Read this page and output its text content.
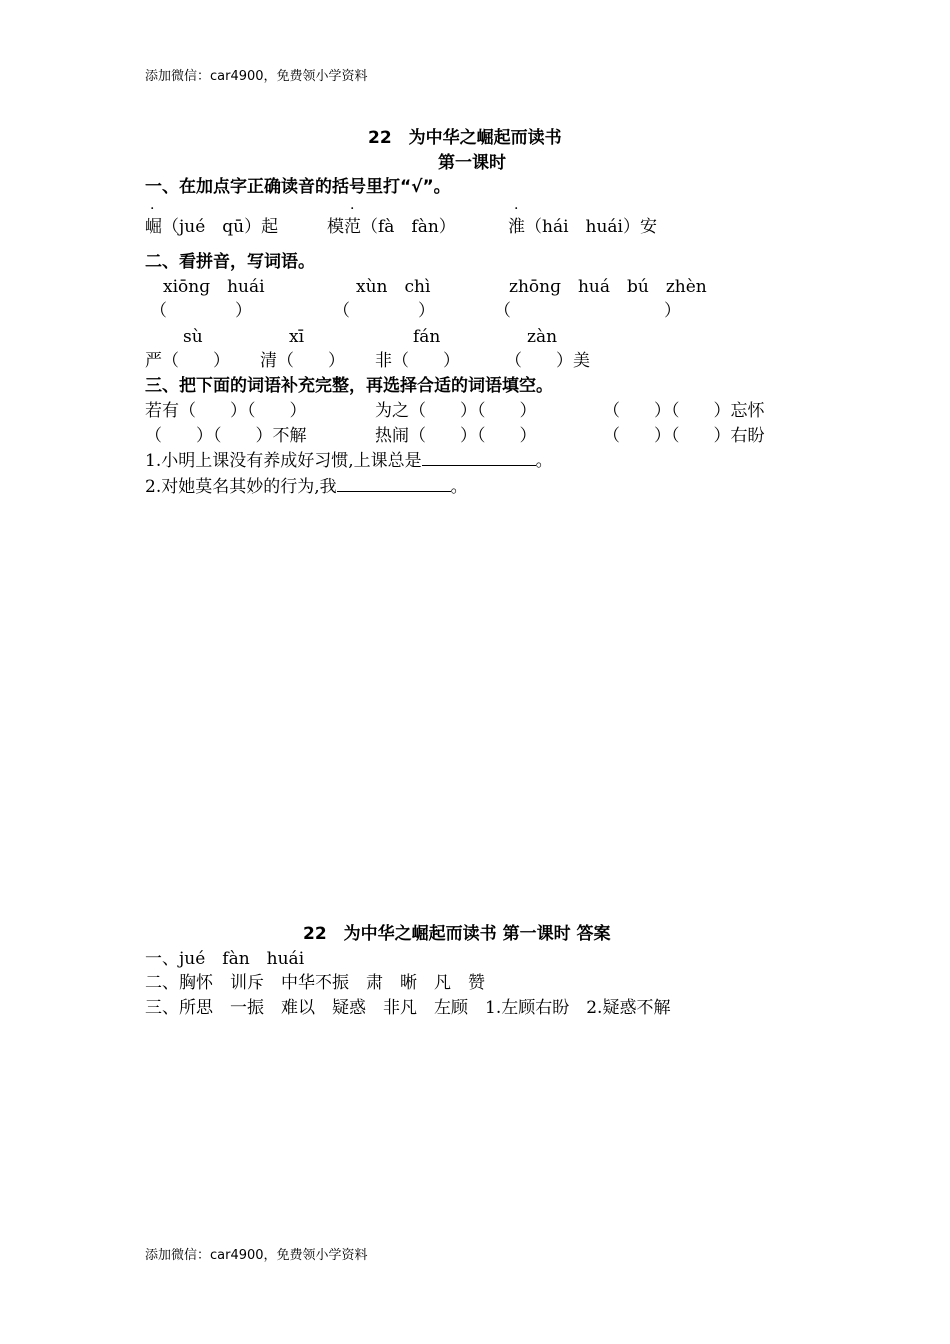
添加微信：car4900，免费领小学资料
22　为中华之崛起而读书
第一课时
一、在加点字正确读音的括号里打“√”。
·	·	·
崛（jué　qū）起	模范（fà　fàn）	淮（hái　huái）安
二、看拼音，写词语。
xiōnɡ　huái	xùn　chì	zhōnɡ　huá　bú　zhèn
（　　　　）	（　　　　）	（　　　　　　　　　）
sù	xī	fán	zàn
严（　　） 清（　　） 非（　　）	（　　）美
三、把下面的词语补充完整，再选择合适的词语填空。
若有（　　）（　　）	为之（　　）（　　）	（　　）（　　）忘怀
（　　）（　　）不解	热闹（　　）（　　）	（　　）（　　）右盼
1.小明上课没有养成好习惯,上课总是	。
2.对她莫名其妙的行为,我	。
22　为中华之崛起而读书 第一课时 答案
一、jué　fàn　huái
二、胸怀　训斥　中华不振　肃　晰　凡　赞
三、所思　一振　难以　疑惑　非凡　左顾　1.左顾右盼　2.疑惑不解
添加微信：car4900，免费领小学资料
